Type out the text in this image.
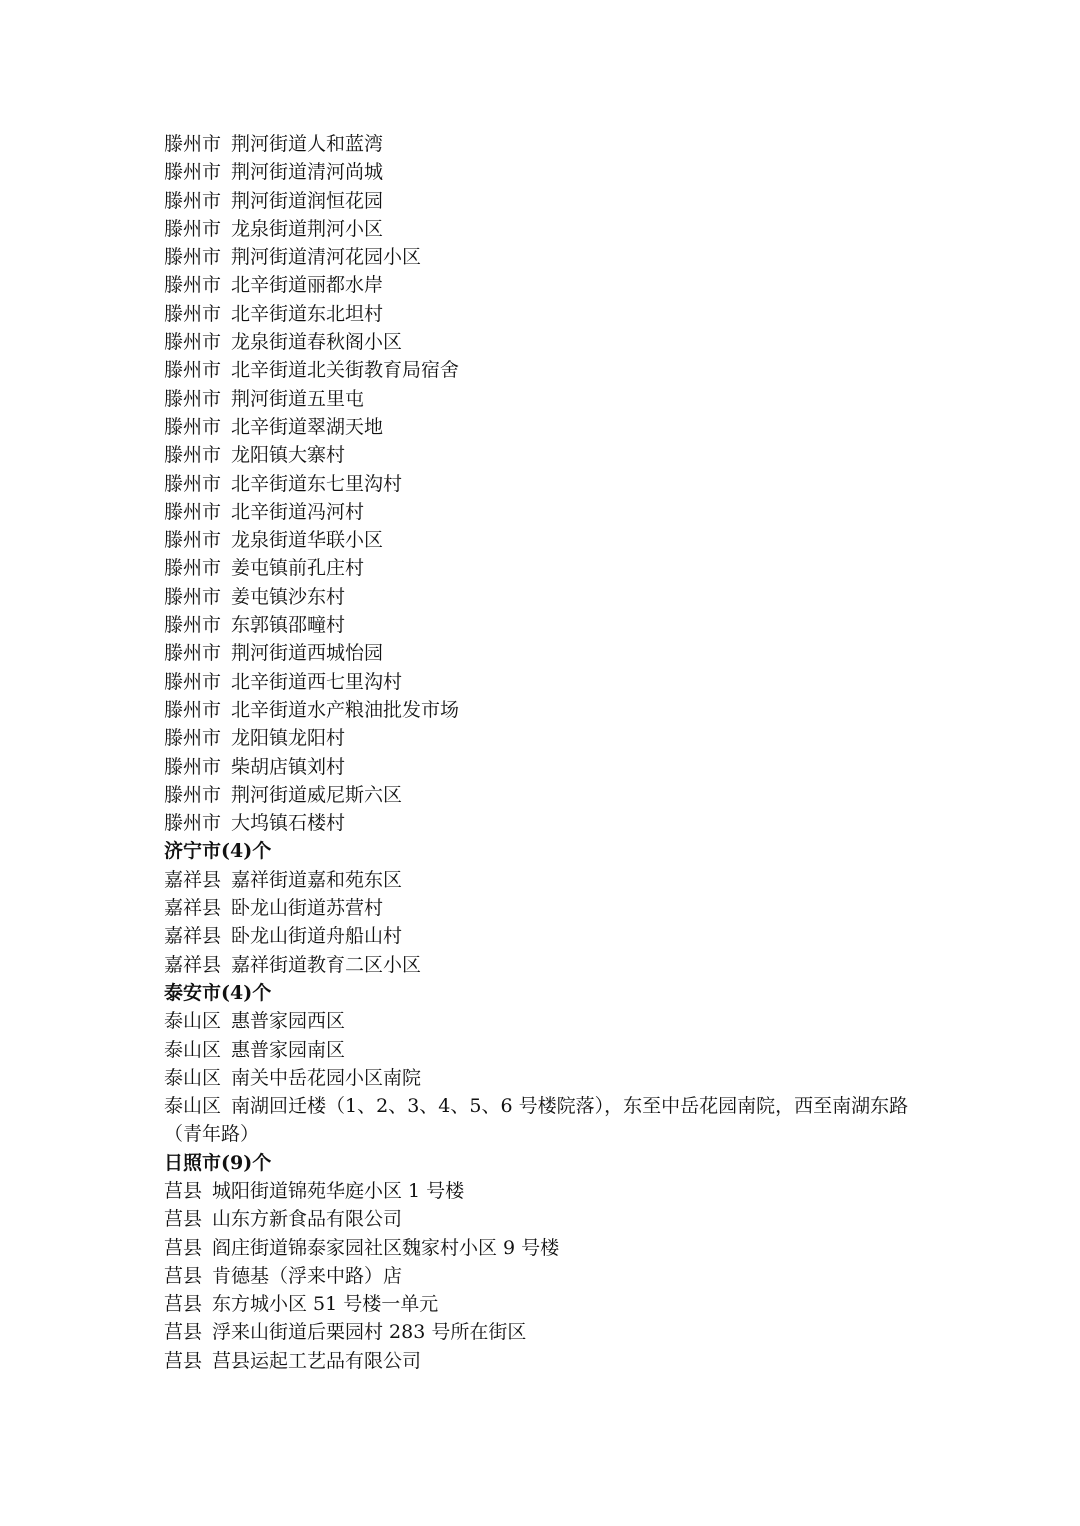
滕州市 荆河街道人和蓝湾
滕州市 荆河街道清河尚城
滕州市 荆河街道润恒花园
滕州市 龙泉街道荆河小区
滕州市 荆河街道清河花园小区
滕州市 北辛街道丽都水岸
滕州市 北辛街道东北坦村
滕州市 龙泉街道春秋阁小区
滕州市 北辛街道北关街教育局宿舍
滕州市 荆河街道五里屯
滕州市 北辛街道翠湖天地
滕州市 龙阳镇大寨村
滕州市 北辛街道东七里沟村
滕州市 北辛街道冯河村
滕州市 龙泉街道华联小区
滕州市 姜屯镇前孔庄村
滕州市 姜屯镇沙东村
滕州市 东郭镇邵疃村
滕州市 荆河街道西城怡园
滕州市 北辛街道西七里沟村
滕州市 北辛街道水产粮油批发市场
滕州市 龙阳镇龙阳村
滕州市 柴胡店镇刘村
滕州市 荆河街道威尼斯六区
滕州市 大坞镇石楼村
济宁市(4)个
嘉祥县 嘉祥街道嘉和苑东区
嘉祥县 卧龙山街道苏营村
嘉祥县 卧龙山街道舟船山村
嘉祥县 嘉祥街道教育二区小区
泰安市(4)个
泰山区 惠普家园西区
泰山区 惠普家园南区
泰山区 南关中岳花园小区南院
泰山区 南湖回迁楼（1、2、3、4、5、6 号楼院落），东至中岳花园南院，西至南湖东路（青年路）
日照市(9)个
莒县 城阳街道锦苑华庭小区 1 号楼
莒县 山东方新食品有限公司
莒县 阎庄街道锦泰家园社区魏家村小区 9 号楼
莒县 肯德基（浮来中路）店
莒县 东方城小区 51 号楼一单元
莒县 浮来山街道后栗园村 283 号所在街区
莒县 莒县运起工艺品有限公司
